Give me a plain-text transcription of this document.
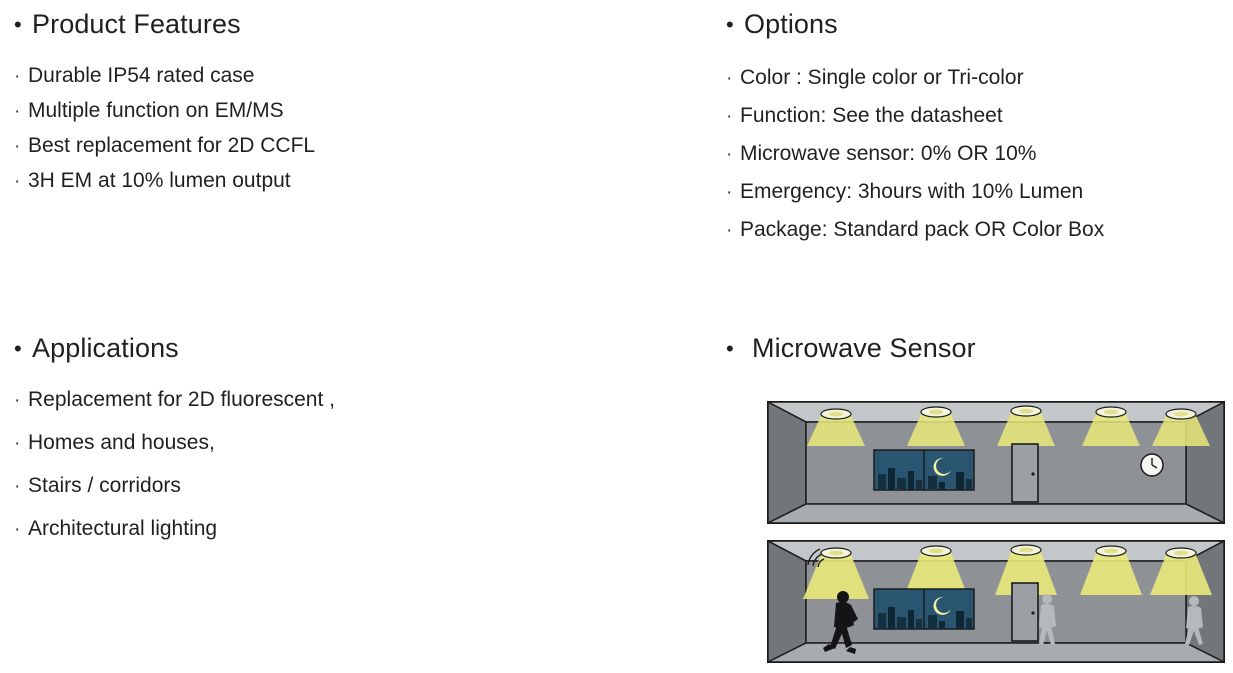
• Product Features
· Durable IP54 rated case
· Multiple function on EM/MS
· Best replacement for 2D CCFL
· 3H EM at 10% lumen output
• Applications
· Replacement for 2D fluorescent ,
· Homes and houses,
· Stairs / corridors
· Architectural lighting
• Options
· Color : Single color or Tri-color
· Function: See the datasheet
· Microwave sensor: 0% OR 10%
· Emergency: 3hours with 10% Lumen
· Package: Standard pack OR Color Box
• Microwave Sensor
